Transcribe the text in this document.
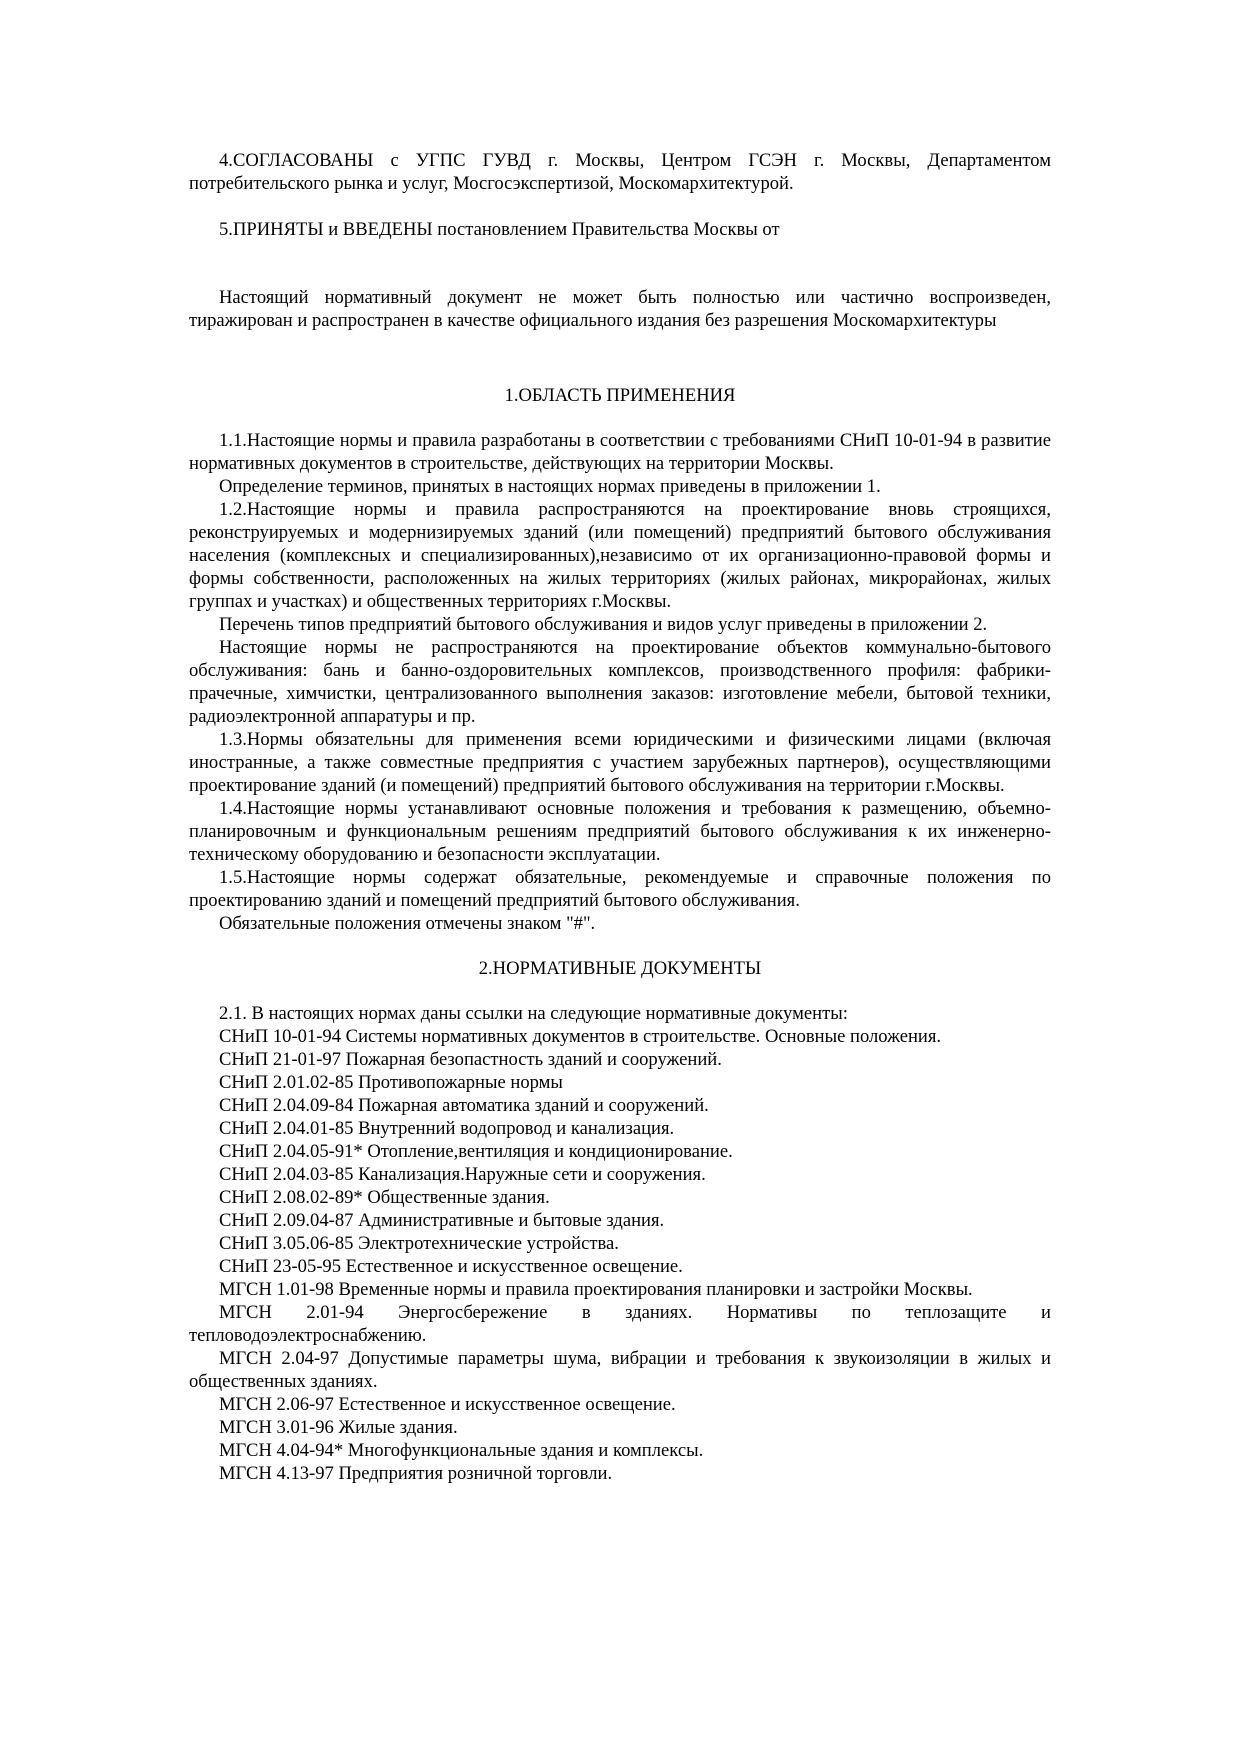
4.СОГЛАСОВАНЫ с УГПС ГУВД г. Москвы, Центром ГСЭН г. Москвы, Департаментом потребительского рынка и услуг, Мосгосэкспертизой, Москомархитектурой.

5.ПРИНЯТЫ и ВВЕДЕНЫ постановлением Правительства Москвы от

Настоящий нормативный документ не может быть полностью или частично воспроизведен, тиражирован и распространен в качестве официального издания без разрешения Москомархитектуры

1.ОБЛАСТЬ ПРИМЕНЕНИЯ

1.1.Настоящие нормы и правила разработаны в соответствии с требованиями СНиП 10-01-94 в развитие нормативных документов в строительстве, действующих на территории Москвы.

Определение терминов, принятых в настоящих нормах приведены в приложении 1.

1.2.Настоящие нормы и правила распространяются на проектирование вновь строящихся, реконструируемых и модернизируемых зданий (или помещений) предприятий бытового обслуживания населения (комплексных и специализированных),независимо от их организационно-правовой формы и формы собственности, расположенных на жилых территориях (жилых районах, микрорайонах, жилых группах и участках) и общественных территориях г.Москвы.

Перечень типов предприятий бытового обслуживания и видов услуг приведены в приложении 2.

Настоящие нормы не распространяются на проектирование объектов коммунально-бытового обслуживания: бань и банно-оздоровительных комплексов, производственного профиля: фабрики-прачечные, химчистки, централизованного выполнения заказов: изготовление мебели, бытовой техники, радиоэлектронной аппаратуры и пр.

1.3.Нормы обязательны для применения всеми юридическими и физическими лицами (включая иностранные, а также совместные предприятия с участием зарубежных партнеров), осуществляющими проектирование зданий (и помещений) предприятий бытового обслуживания на территории г.Москвы.

1.4.Настоящие нормы устанавливают основные положения и требования к размещению, объемно-планировочным и функциональным решениям предприятий бытового обслуживания к их инженерно-техническому оборудованию и безопасности эксплуатации.

1.5.Настоящие нормы содержат обязательные, рекомендуемые и справочные положения по проектированию зданий и помещений предприятий бытового обслуживания.

Обязательные положения отмечены знаком "#".

2.НОРМАТИВНЫЕ ДОКУМЕНТЫ

2.1. В настоящих нормах даны ссылки на следующие нормативные документы:

СНиП 10-01-94 Системы нормативных документов в строительстве. Основные положения.

СНиП 21-01-97 Пожарная безопастность зданий и сооружений.

СНиП 2.01.02-85 Противопожарные нормы

СНиП 2.04.09-84 Пожарная автоматика зданий и сооружений.

СНиП 2.04.01-85 Внутренний водопровод и канализация.

СНиП 2.04.05-91* Отопление,вентиляция и кондиционирование.

СНиП 2.04.03-85 Канализация.Наружные сети и сооружения.

СНиП 2.08.02-89* Общественные здания.

СНиП 2.09.04-87 Административные и бытовые здания.

СНиП 3.05.06-85 Электротехнические устройства.

СНиП 23-05-95 Естественное и искусственное освещение.

МГСН 1.01-98 Временные нормы и правила проектирования планировки и застройки Москвы.

МГСН 2.01-94 Энергосбережение в зданиях. Нормативы по теплозащите и тепловодоэлектроснабжению.

МГСН 2.04-97 Допустимые параметры шума, вибрации и требования к звукоизоляции в жилых и общественных зданиях.

МГСН 2.06-97 Естественное и искусственное освещение.

МГСН 3.01-96 Жилые здания.

МГСН 4.04-94* Многофункциональные здания и комплексы.

МГСН 4.13-97 Предприятия розничной торговли.
